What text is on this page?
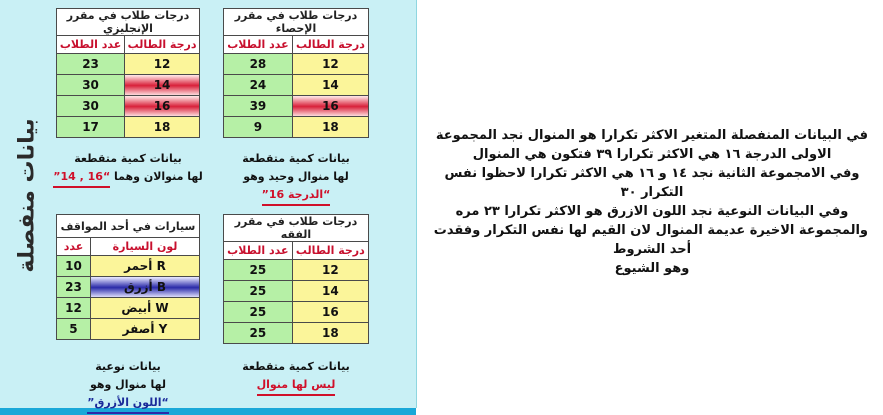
بيانات منفصلة
درجات طلاب في مقرر الإنجليزي	
عدد الطلاب	درجة الطالب
23	12
30	14
30	16
17	18
بيانات كمية متقطعة
لها منوالان وهما “16 , 14”
درجات طلاب في مقرر الإحصاء	
عدد الطلاب	درجة الطالب
28	12
24	14
39	16
9	18
بيانات كمية متقطعة
لها منوال وحيد وهو “الدرجة 16”
سيارات في أحد المواقف	
عدد	لون السيارة
10	أحمر R
23	أزرق B
12	أبيض W
5	أصفر Y
بيانات نوعية
لها منوال وهو “اللون الأزرق”
درجات طلاب في مقرر الفقه	
عدد الطلاب	درجة الطالب
25	12
25	14
25	16
25	18
بيانات كمية متقطعة
ليس لها منوال
في البيانات المنفصلة المتغير الاكثر تكرارا هو المنوال نجد المجموعة
الاولى الدرجة ١٦ هي الاكثر تكرارا ٣٩ فتكون هي المنوال
وفي الامجموعة الثانية نجد ١٤ و ١٦ هي الاكثر تكرارا لاحظوا نفس
التكرار ٣٠
وفي البيانات النوعية نجد اللون الازرق هو الاكثر تكرارا ٢٣ مره
والمجموعة الاخيرة عديمة المنوال لان القيم لها نفس التكرار وفقدت
أحد الشروط
وهو الشيوع
